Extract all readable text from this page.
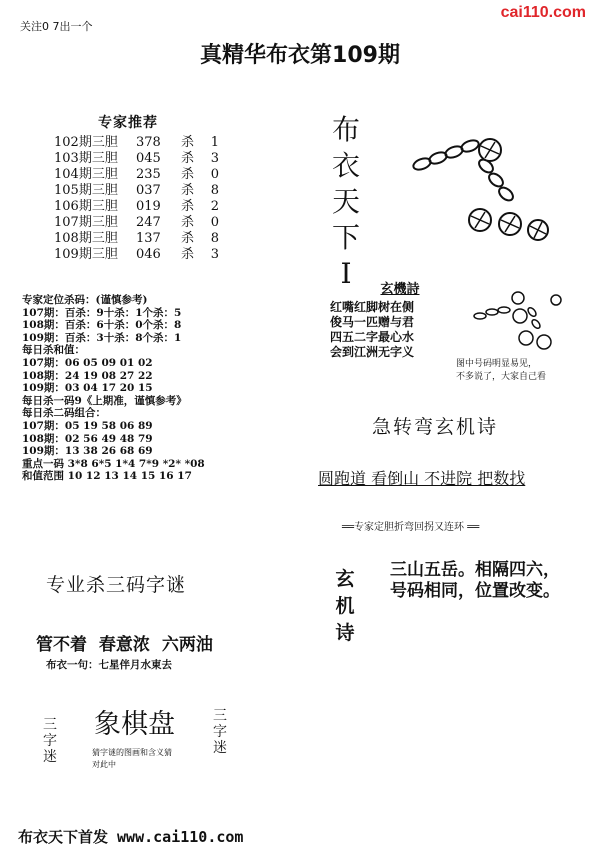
关注0 7出一个
cai110.com
真精华布衣第109期
专家推荐
102期三胆	378	杀	1
103期三胆	045	杀	3
104期三胆	235	杀	0
105期三胆	037	杀	8
106期三胆	019	杀	2
107期三胆	247	杀	0
108期三胆	137	杀	8
109期三胆	046	杀	3
布
衣
天
下
I
专家定位杀码：(谨慎参考)
107期：百杀：9十杀：1个杀：5
108期：百杀：6十杀：0个杀：8
109期：百杀：3十杀：8个杀：1
每日杀和值：
107期：06 05 09 01 02
108期：24 19 08 27 22
109期：03 04 17 20 15
每日杀一码9《上期准，谨慎参考》
每日杀二码组合：
107期：05 19 58 06 89
108期：02 56 49 48 79
109期：13 38 26 68 69
重点一码 3*8 6*5 1*4 7*9 *2* *08
和值范围 10 12 13 14 15 16 17
玄機詩
红嘴红脚树在侧
俊马一匹赠与君
四五二字最心水
会到江洲无字义
图中号码明显易见，
不多说了，大家自己看
急转弯玄机诗
圆跑道 看倒山 不进院 把数找
══专家定胆折弯回拐又连环 ══
玄
机
诗
三山五岳。相隔四六，
号码相同，位置改变。
专业杀三码字谜
管不着 春意浓 六两油
布衣一句：七星伴月水東去
三
字
迷
象棋盘
猜字谜的图画和含义猜
对此中
三
字
迷
布衣天下首发 www.cai110.com
